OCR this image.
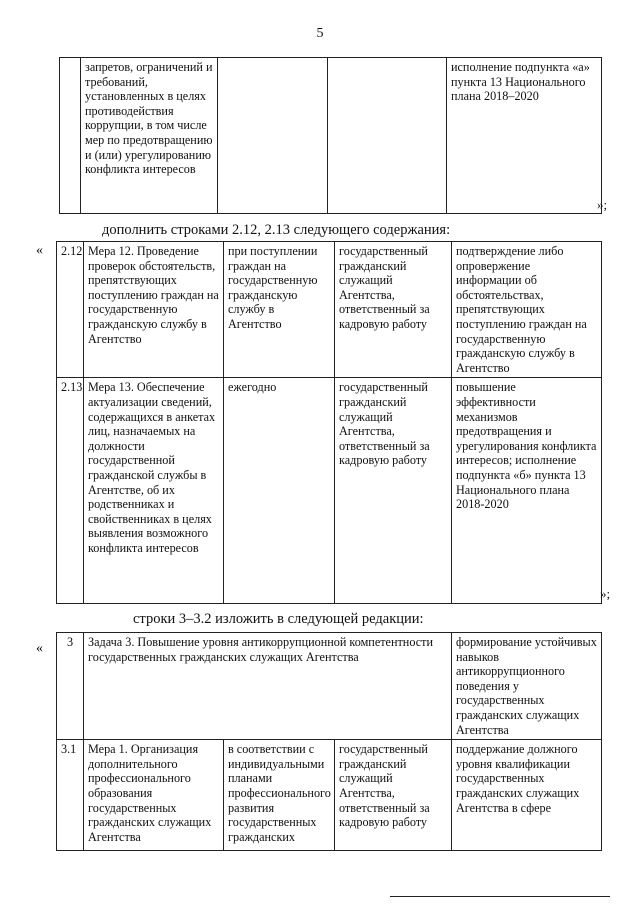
5
	запретов, ограничений и требований, установленных в целях противодействия коррупции, в том числе мер по предотвращению и (или) урегулированию конфликта интересов			исполнение подпункта «а» пункта 13 Национального плана 2018–2020
»;
дополнить строками 2.12, 2.13 следующего содержания:
« 2.12	Мера 12. Проведение проверок обстоятельств, препятствующих поступлению граждан на государственную гражданскую службу в Агентство	при поступлении граждан на государственную гражданскую службу в Агентство	государственный гражданский служащий Агентства, ответственный за кадровую работу	подтверждение либо опровержение информации об обстоятельствах, препятствующих поступлению граждан на государственную гражданскую службу в Агентство
2.13	Мера 13. Обеспечение актуализации сведений, содержащихся в анкетах лиц, назначаемых на должности государственной гражданской службы в Агентстве, об их родственниках и свойственниках в целях выявления возможного конфликта интересов	ежегодно	государственный гражданский служащий Агентства, ответственный за кадровую работу	повышение эффективности механизмов предотвращения и урегулирования конфликта интересов; исполнение подпункта «б» пункта 13 Национального плана 2018-2020
»;
строки 3–3.2 изложить в следующей редакции:
« 3	Задача 3. Повышение уровня антикоррупционной компетентности государственных гражданских служащих Агентства			формирование устойчивых навыков антикоррупционного поведения у государственных гражданских служащих Агентства
3.1	Мера 1. Организация дополнительного профессионального образования государственных гражданских служащих Агентства	в соответствии с индивидуальными планами профессионального развития государственных гражданских	государственный гражданский служащий Агентства, ответственный за кадровую работу	поддержание должного уровня квалификации государственных гражданских служащих Агентства в сфере
